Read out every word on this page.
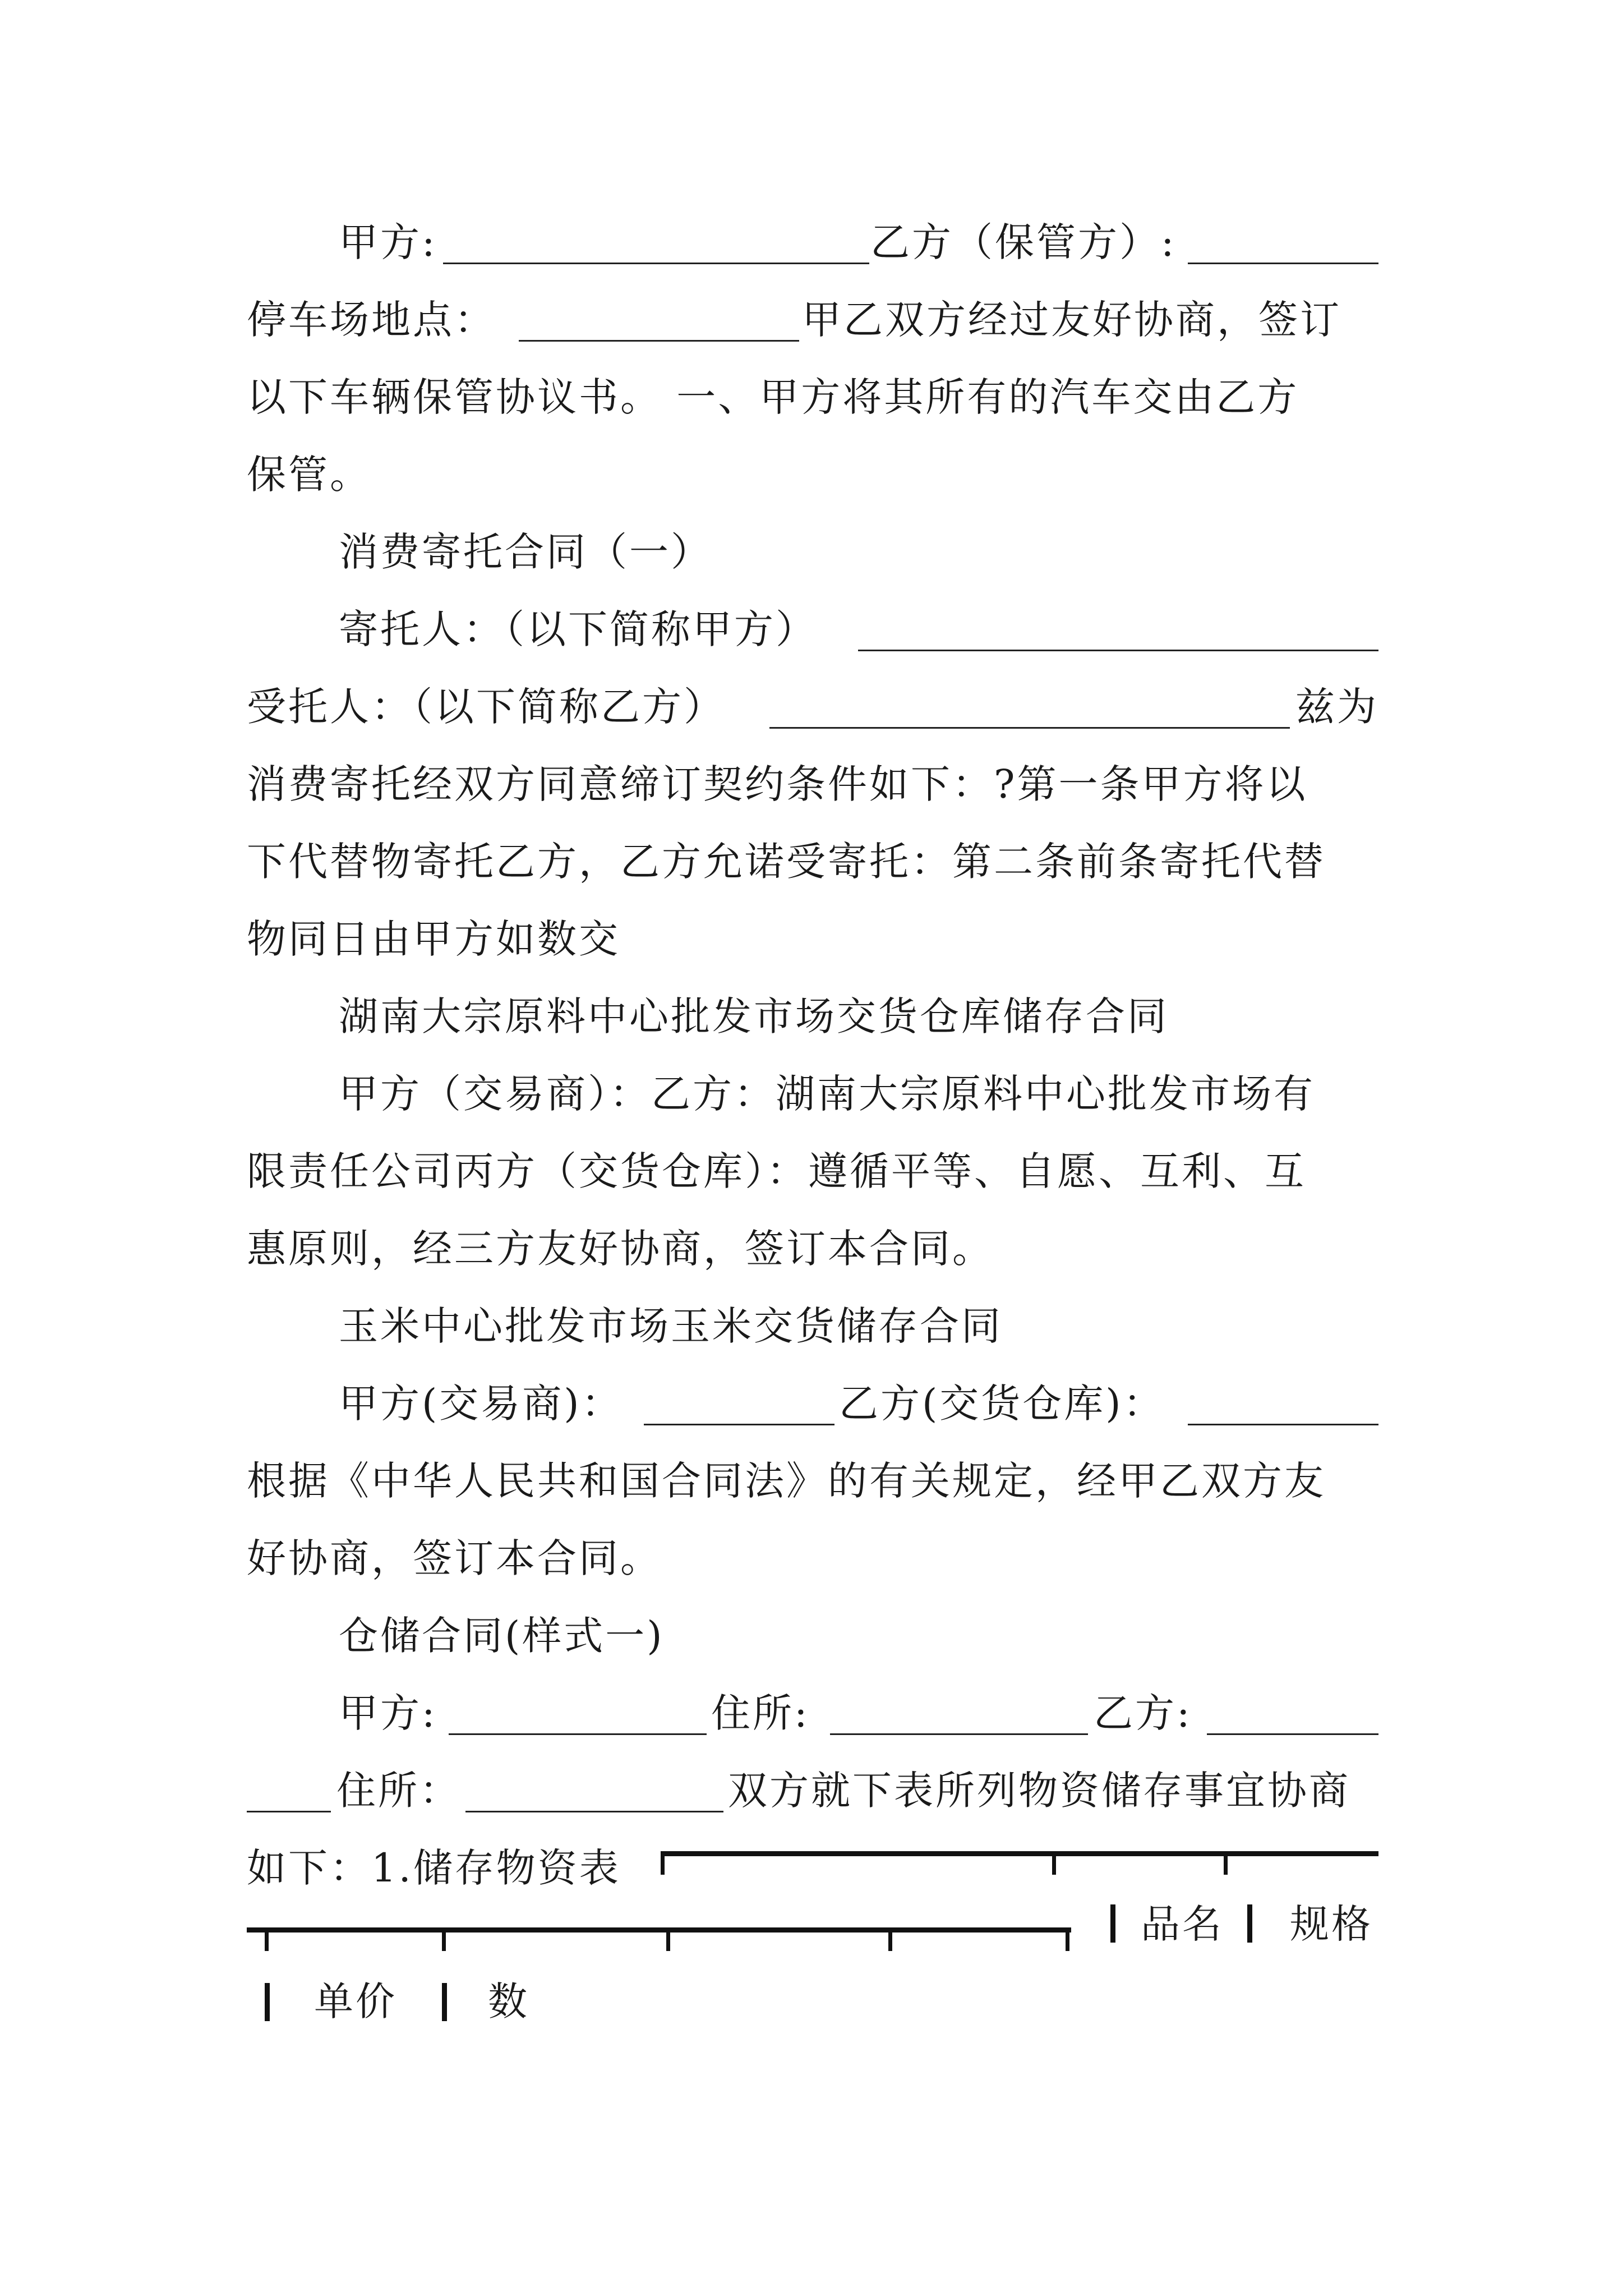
甲方:	乙方（保管方）:
停车场地点：	甲乙双方经过友好协商，签订
以下车辆保管协议书。 一、甲方将其所有的汽车交由乙方
保管。
消费寄托合同（一）
寄托人：（以下简称甲方）
受托人：（以下简称乙方）	兹为
消费寄托经双方同意缔订契约条件如下：?第一条甲方将以
下代替物寄托乙方，乙方允诺受寄托：第二条前条寄托代替
物同日由甲方如数交
湖南大宗原料中心批发市场交货仓库储存合同
甲方（交易商）：乙方：湖南大宗原料中心批发市场有
限责任公司丙方（交货仓库）：遵循平等、自愿、互利、互
惠原则，经三方友好协商，签订本合同。
玉米中心批发市场玉米交货储存合同
甲方(交易商)：	乙方(交货仓库)：
根据《中华人民共和国合同法》的有关规定，经甲乙双方友
好协商，签订本合同。
仓储合同(样式一)
甲方:	住所:	乙方:
住所：	双方就下表所列物资储存事宜协商
如下：1.储存物资表
品名 规格
单价 数
